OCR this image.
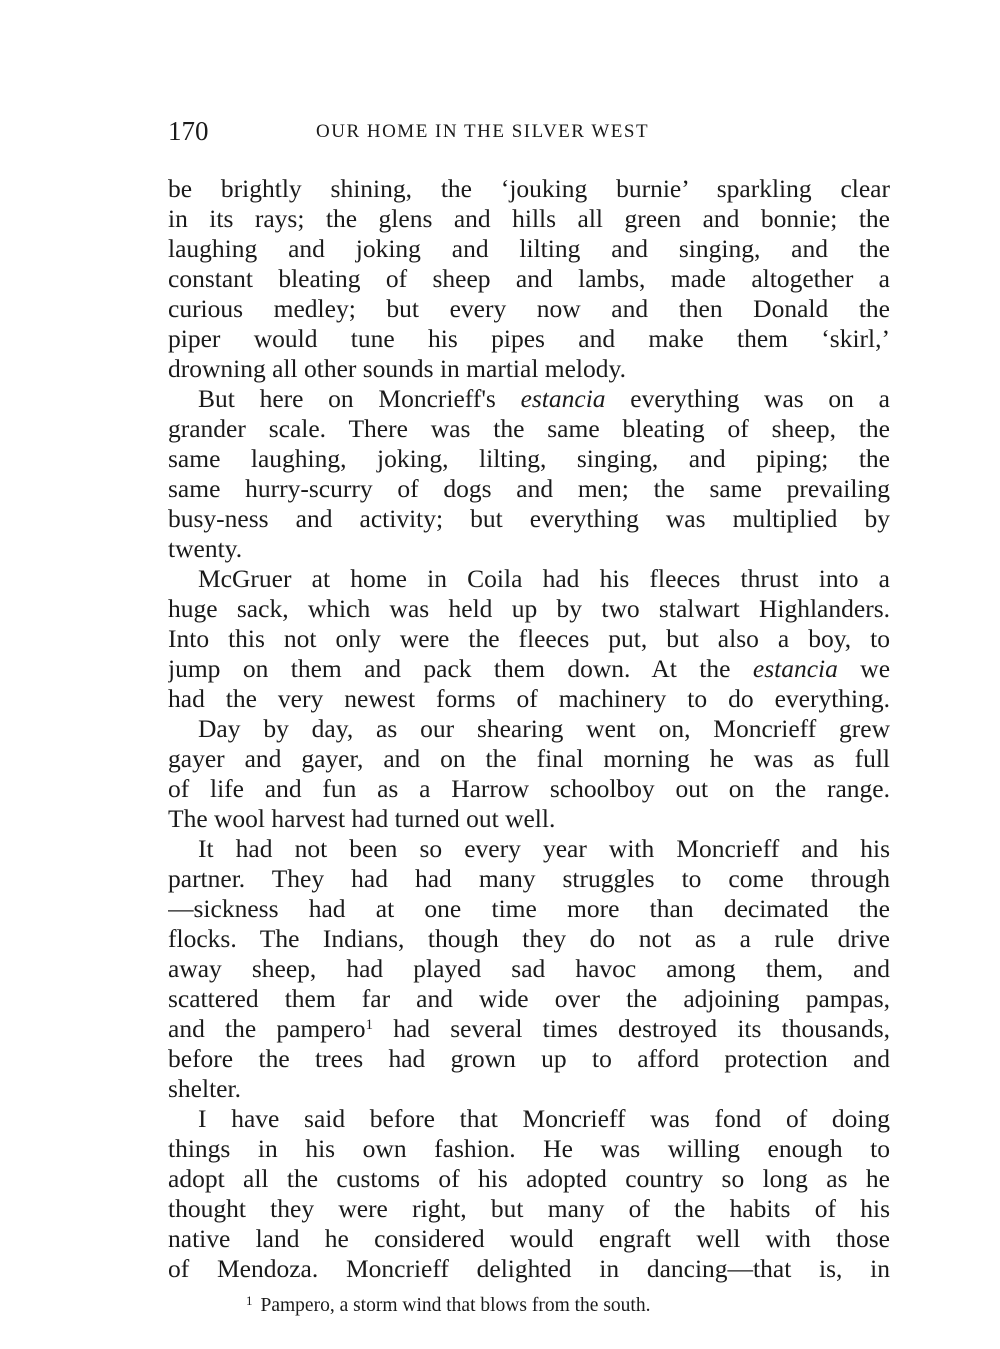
170	OUR HOME IN THE SILVER WEST
be brightly shining, the ‘jouking burnie’ sparkling clear
in its rays; the glens and hills all green and bonnie; the
laughing and joking and lilting and singing, and the
constant bleating of sheep and lambs, made altogether a
curious medley; but every now and then Donald the
piper would tune his pipes and make them ‘skirl,’
drowning all other sounds in martial melody.
But here on Moncrieff's estancia everything was on a
grander scale. There was the same bleating of sheep, the
same laughing, joking, lilting, singing, and piping; the
same hurry-scurry of dogs and men; the same prevailing
busy-ness and activity; but everything was multiplied by
twenty.
McGruer at home in Coila had his fleeces thrust into a
huge sack, which was held up by two stalwart Highlanders.
Into this not only were the fleeces put, but also a boy, to
jump on them and pack them down. At the estancia we
had the very newest forms of machinery to do everything.
Day by day, as our shearing went on, Moncrieff grew
gayer and gayer, and on the final morning he was as full
of life and fun as a Harrow schoolboy out on the range.
The wool harvest had turned out well.
It had not been so every year with Moncrieff and his
partner. They had had many struggles to come through
—sickness had at one time more than decimated the
flocks. The Indians, though they do not as a rule drive
away sheep, had played sad havoc among them, and
scattered them far and wide over the adjoining pampas,
and the pampero$^1$ had several times destroyed its thousands,
before the trees had grown up to afford protection and
shelter.
I have said before that Moncrieff was fond of doing
things in his own fashion. He was willing enough to
adopt all the customs of his adopted country so long as he
thought they were right, but many of the habits of his
native land he considered would engraft well with those
of Mendoza. Moncrieff delighted in dancing—that is, in
$^1$ Pampero, a storm wind that blows from the south.
